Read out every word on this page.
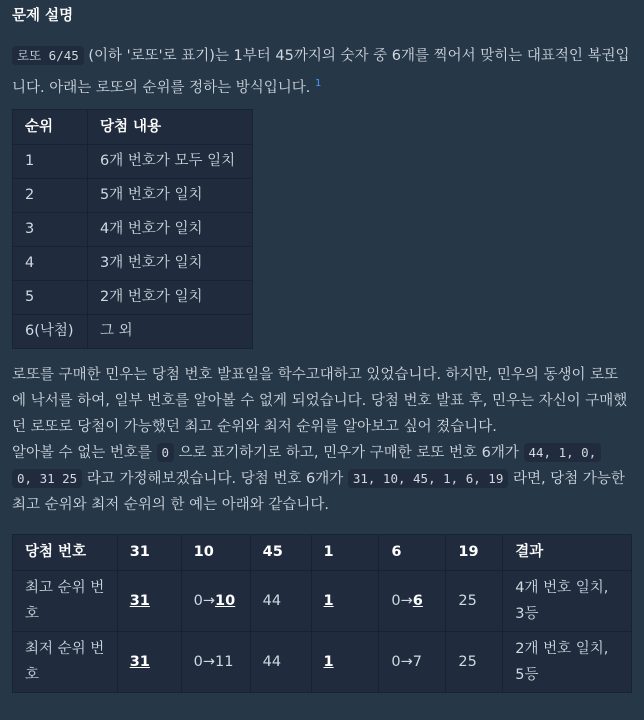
문제 설명

로또 6/45 (이하 '로또'로 표기)는 1부터 45까지의 숫자 중 6개를 찍어서 맞히는 대표적인 복권입니다. 아래는 로또의 순위를 정하는 방식입니다. $^1$

순위	당첨 내용
1	6개 번호가 모두 일치
2	5개 번호가 일치
3	4개 번호가 일치
4	3개 번호가 일치
5	2개 번호가 일치
6(낙첨)	그 외

로또를 구매한 민우는 당첨 번호 발표일을 학수고대하고 있었습니다. 하지만, 민우의 동생이 로또에 낙서를 하여, 일부 번호를 알아볼 수 없게 되었습니다. 당첨 번호 발표 후, 민우는 자신이 구매했던 로또로 당첨이 가능했던 최고 순위와 최저 순위를 알아보고 싶어 졌습니다.

알아볼 수 없는 번호를 0 으로 표기하기로 하고, 민우가 구매한 로또 번호 6개가 44, 1, 0,
0, 31 25 라고 가정해보겠습니다. 당첨 번호 6개가 31, 10, 45, 1, 6, 19 라면, 당첨 가능한 최고 순위와 최저 순위의 한 예는 아래와 같습니다.

당첨 번호	31	10	45	1	6	19	결과
최고 순위 번호	31	0→10	44	1	0→6	25	4개 번호 일치, 3등
최저 순위 번호	31	0→11	44	1	0→7	25	2개 번호 일치, 5등
